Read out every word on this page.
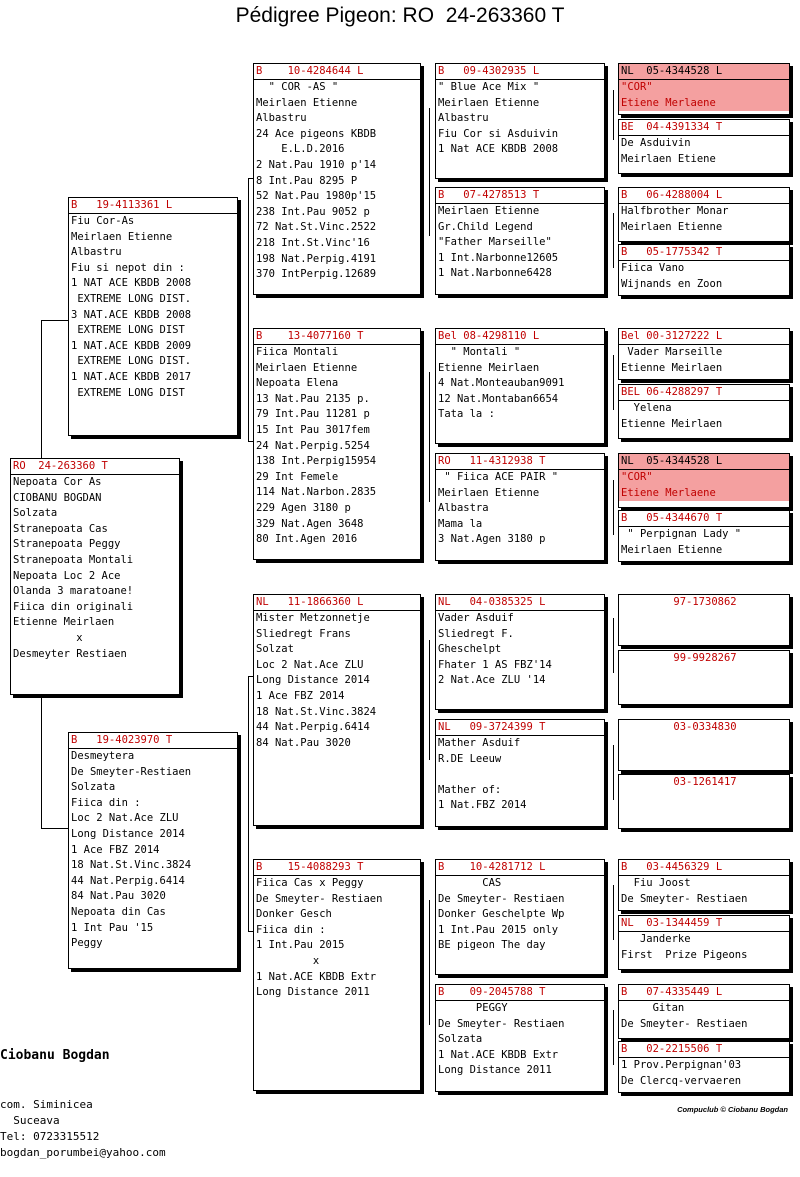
Pédigree Pigeon: RO  24-263360 T
RO  24-263360 T
Nepoata Cor As
CIOBANU BOGDAN
Solzata
Stranepoata Cas
Stranepoata Peggy
Stranepoata Montali
Nepoata Loc 2 Ace
Olanda 3 maratoane!
Fiica din originali
Etienne Meirlaen
x
Desmeyter Restiaen
B   19-4113361 L
Fiu Cor-As
Meirlaen Etienne
Albastru
Fiu si nepot din :
1 NAT ACE KBDB 2008
EXTREME LONG DIST.
3 NAT.ACE KBDB 2008
EXTREME LONG DIST
1 NAT.ACE KBDB 2009
EXTREME LONG DIST.
1 NAT.ACE KBDB 2017
EXTREME LONG DIST
B   19-4023970 T
Desmeytera
De Smeyter-Restiaen
Solzata
Fiica din :
Loc 2 Nat.Ace ZLU
Long Distance 2014
1 Ace FBZ 2014
18 Nat.St.Vinc.3824
44 Nat.Perpig.6414
84 Nat.Pau 3020
Nepoata din Cas
1 Int Pau '15
Peggy
B    10-4284644 L
" COR -AS "
Meirlaen Etienne
Albastru
24 Ace pigeons KBDB
E.L.D.2016
2 Nat.Pau 1910 p'14
8 Int.Pau 8295 P
52 Nat.Pau 1980p'15
238 Int.Pau 9052 p
72 Nat.St.Vinc.2522
218 Int.St.Vinc'16
198 Nat.Perpig.4191
370 IntPerpig.12689
B    13-4077160 T
Fiica Montali
Meirlaen Etienne
Nepoata Elena
13 Nat.Pau 2135 p.
79 Int.Pau 11281 p
15 Int Pau 3017fem
24 Nat.Perpig.5254
138 Int.Perpig15954
29 Int Femele
114 Nat.Narbon.2835
229 Agen 3180 p
329 Nat.Agen 3648
80 Int.Agen 2016
NL   11-1866360 L
Mister Metzonnetje
Sliedregt Frans
Solzat
Loc 2 Nat.Ace ZLU
Long Distance 2014
1 Ace FBZ 2014
18 Nat.St.Vinc.3824
44 Nat.Perpig.6414
84 Nat.Pau 3020
B    15-4088293 T
Fiica Cas x Peggy
De Smeyter- Restiaen
Donker Gesch
Fiica din :
1 Int.Pau 2015
x
1 Nat.ACE KBDB Extr
Long Distance 2011
B   09-4302935 L
" Blue Ace Mix "
Meirlaen Etienne
Albastru
Fiu Cor si Asduivin
1 Nat ACE KBDB 2008
B   07-4278513 T
Meirlaen Etienne
Gr.Child Legend
"Father Marseille"
1 Int.Narbonne12605
1 Nat.Narbonne6428
Bel 08-4298110 L
" Montali "
Etienne Meirlaen
4 Nat.Monteauban9091
12 Nat.Montaban6654
Tata la :
RO   11-4312938 T
" Fiica ACE PAIR "
Meirlaen Etienne
Albastra
Mama la
3 Nat.Agen 3180 p
NL   04-0385325 L
Vader Asduif
Sliedregt F.
Gheschelpt
Fhater 1 AS FBZ'14
2 Nat.Ace ZLU '14
NL   09-3724399 T
Mather Asduif
R.DE Leeuw

Mather of:
1 Nat.FBZ 2014
B    10-4281712 L
CAS
De Smeyter- Restiaen
Donker Geschelpte Wp
1 Int.Pau 2015 only
BE pigeon The day
B    09-2045788 T
PEGGY
De Smeyter- Restiaen
Solzata
1 Nat.ACE KBDB Extr
Long Distance 2011
NL  05-4344528 L
"COR"
Etiene Merlaene
BE  04-4391334 T
De Asduivin
Meirlaen Etiene
B   06-4288004 L
Halfbrother Monar
Meirlaen Etienne
B   05-1775342 T
Fiica Vano
Wijnands en Zoon
Bel 00-3127222 L
Vader Marseille
Etienne Meirlaen
BEL 06-4288297 T
Yelena
Etienne Meirlaen
NL  05-4344528 L
"COR"
Etiene Merlaene
B   05-4344670 T
" Perpignan Lady "
Meirlaen Etienne
97-1730862
99-9928267
03-0334830
03-1261417
B   03-4456329 L
Fiu Joost
De Smeyter- Restiaen
NL  03-1344459 T
Janderke
First  Prize Pigeons
B   07-4335449 L
Gitan
De Smeyter- Restiaen
B   02-2215506 T
1 Prov.Perpignan'03
De Clercq-vervaeren

Ciobanu Bogdan

com. Siminicea
Suceava
Tel: 0723315512
bogdan_porumbei@yahoo.com

Compuclub © Ciobanu Bogdan
